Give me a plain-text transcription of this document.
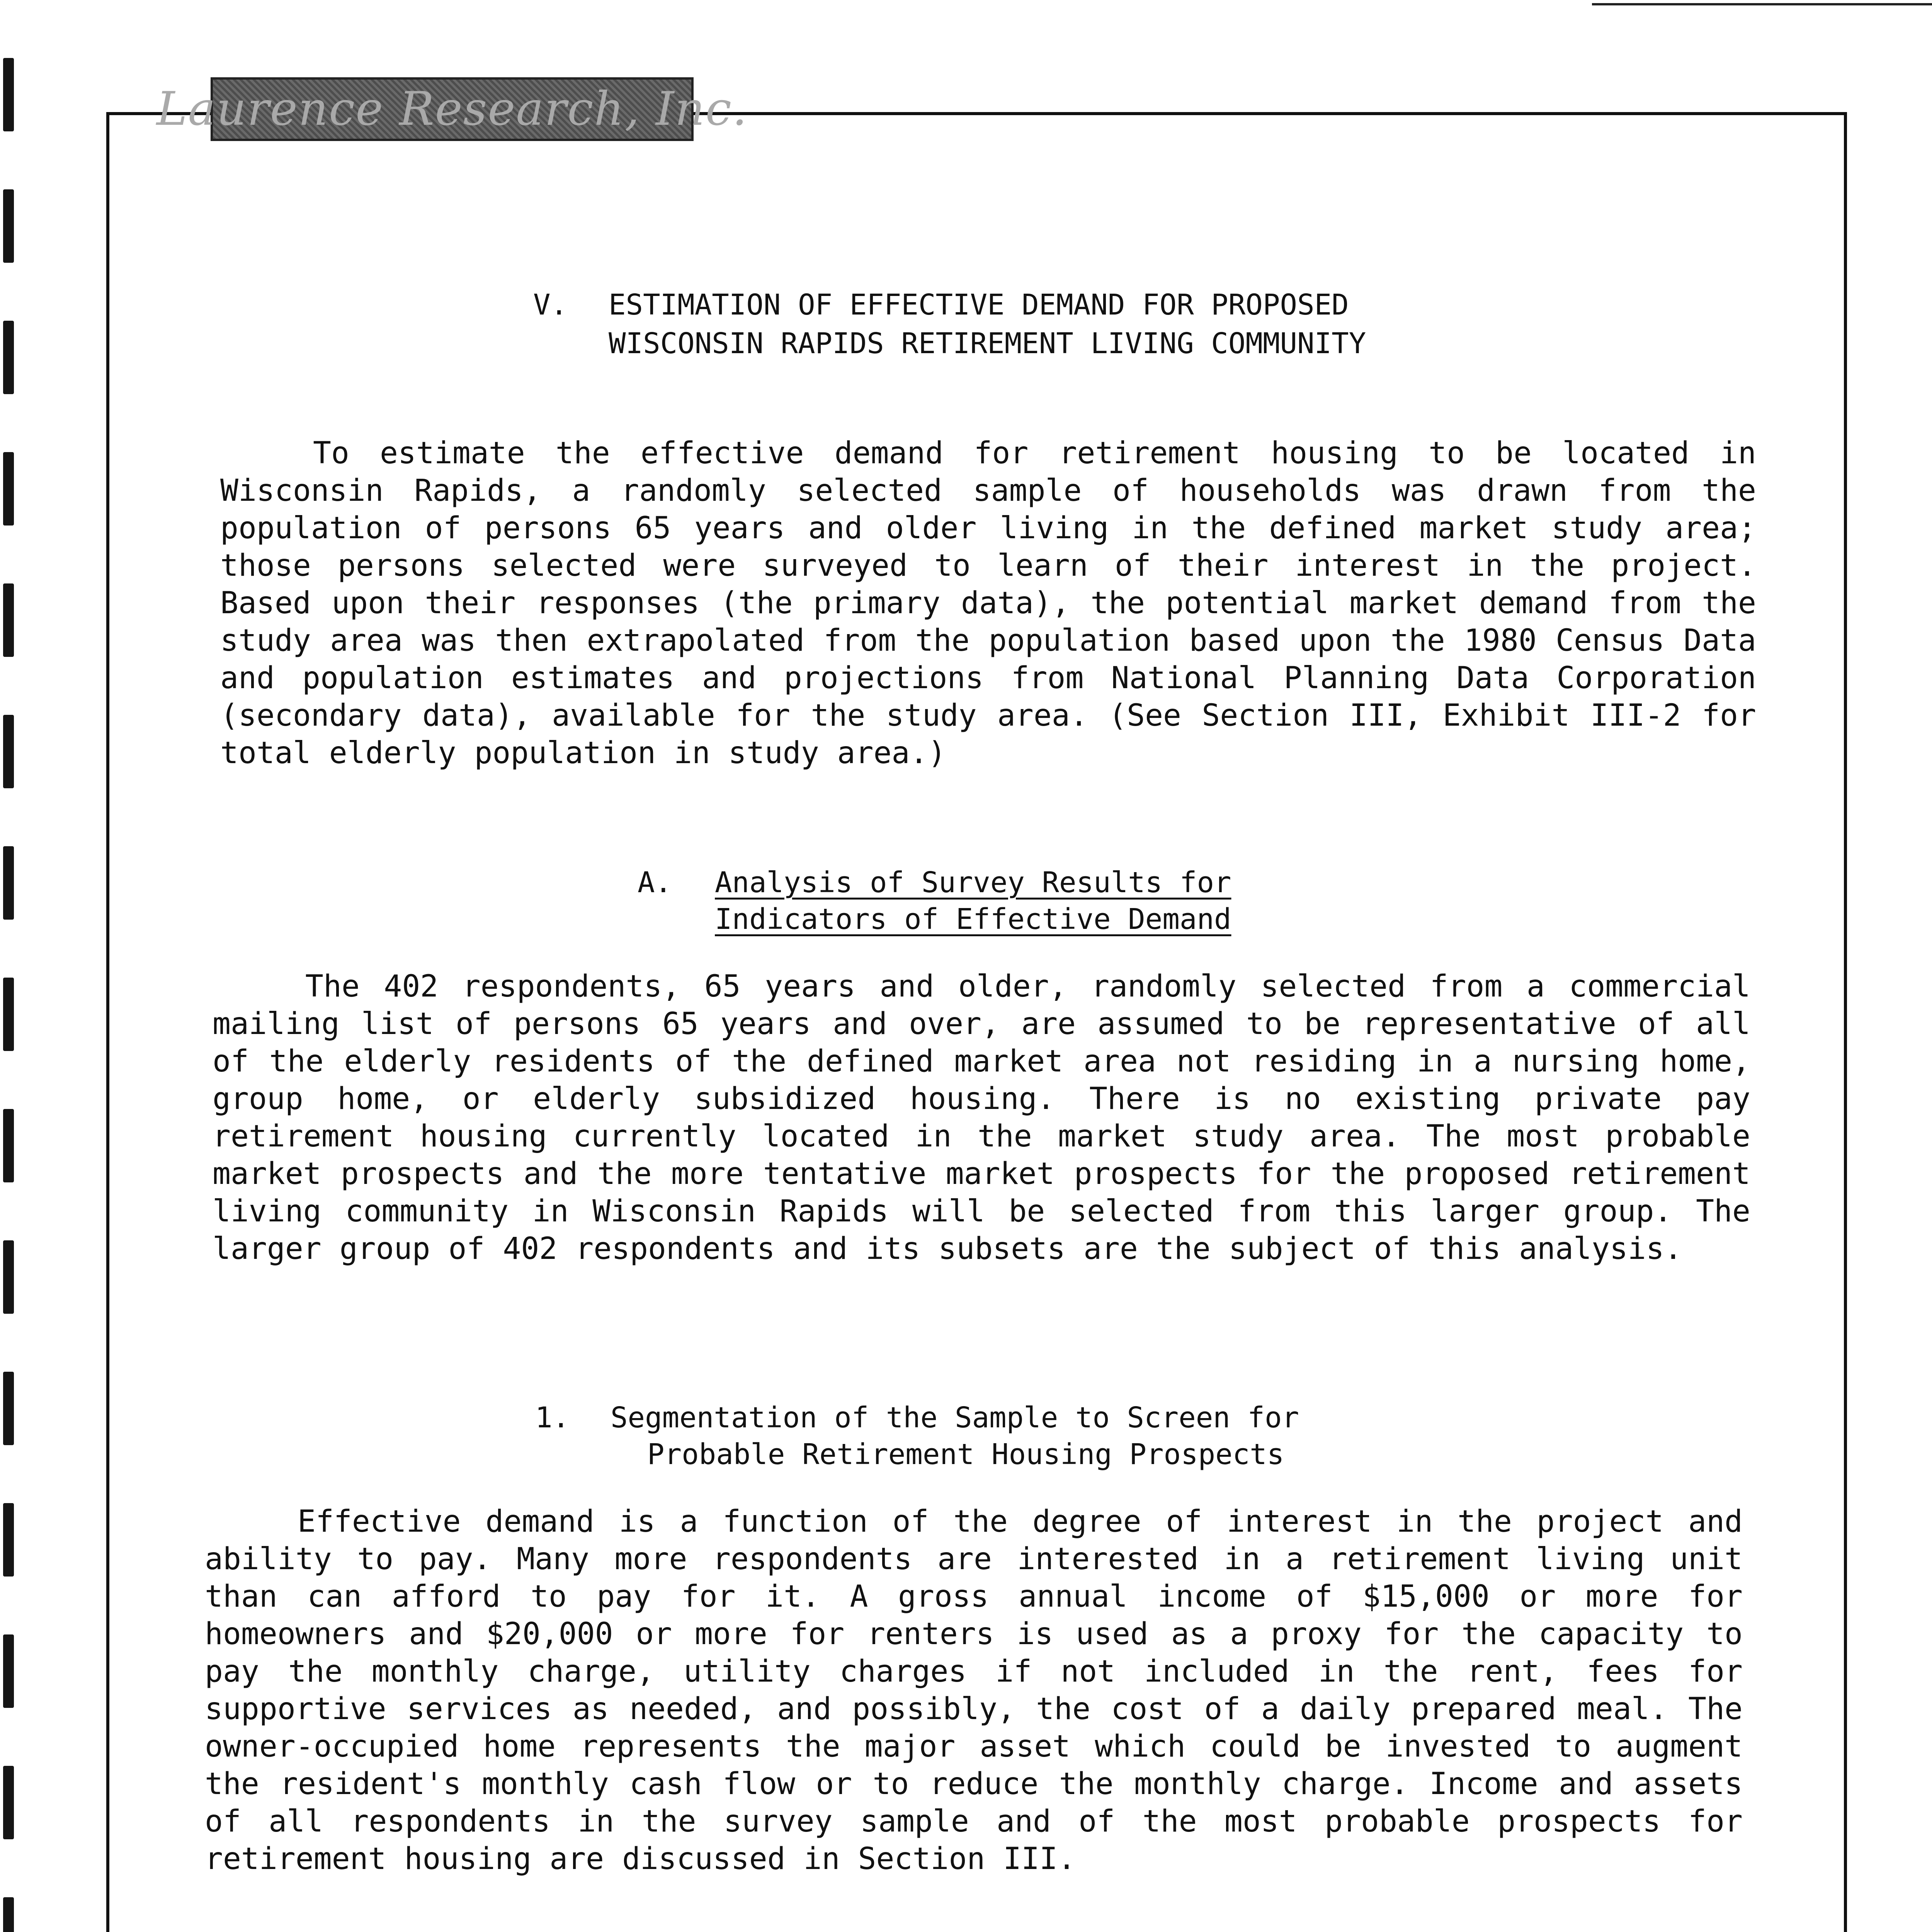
Laurence Research, Inc.
V. ESTIMATION OF EFFECTIVE DEMAND FOR PROPOSED
WISCONSIN RAPIDS RETIREMENT LIVING COMMUNITY
To estimate the effective demand for retirement housing to be located in Wisconsin Rapids, a randomly selected sample of households was drawn from the population of persons 65 years and older living in the defined market study area; those persons selected were surveyed to learn of their interest in the project. Based upon their responses (the primary data), the potential market demand from the study area was then extrapolated from the population based upon the 1980 Census Data and population estimates and projections from National Planning Data Corporation (secondary data), available for the study area. (See Section III, Exhibit III-2 for total elderly population in study area.)
A. Analysis of Survey Results for
Indicators of Effective Demand
The 402 respondents, 65 years and older, randomly selected from a commercial mailing list of persons 65 years and over, are assumed to be representative of all of the elderly residents of the defined market area not residing in a nursing home, group home, or elderly subsidized housing. There is no existing private pay retirement housing currently located in the market study area. The most probable market prospects and the more tentative market prospects for the proposed retirement living community in Wisconsin Rapids will be selected from this larger group. The larger group of 402 respondents and its subsets are the subject of this analysis.
1. Segmentation of the Sample to Screen for
Probable Retirement Housing Prospects
Effective demand is a function of the degree of interest in the project and ability to pay. Many more respondents are interested in a retirement living unit than can afford to pay for it. A gross annual income of $15,000 or more for homeowners and $20,000 or more for renters is used as a proxy for the capacity to pay the monthly charge, utility charges if not included in the rent, fees for supportive services as needed, and possibly, the cost of a daily prepared meal. The owner-occupied home represents the major asset which could be invested to augment the resident's monthly cash flow or to reduce the monthly charge. Income and assets of all respondents in the survey sample and of the most probable prospects for retirement housing are discussed in Section III.
